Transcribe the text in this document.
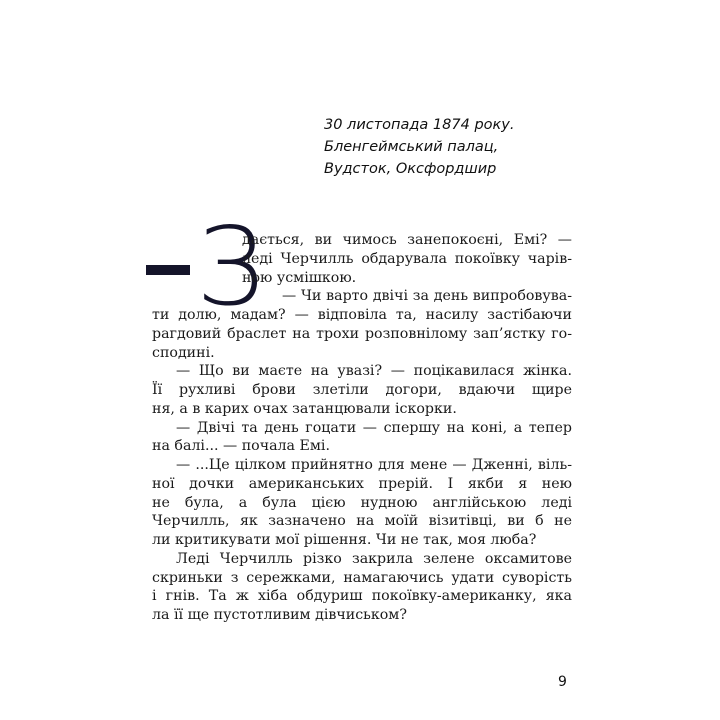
30 листопада 1874 року.
Бленгеймський палац,
Вудсток, Оксфордшир
З
дається, ви чимось занепокоєні, Емі? —
леді Черчилль обдарувала покоївку чарів-
ною усмішкою.
— Чи варто двічі за день випробовува-
ти долю, мадам? — відповіла та, насилу застібаючи
рагдовий браслет на трохи розповнілому зап’ястку го-
сподині.
— Що ви маєте на увазі? — поцікавилася жінка.
Її рухливі брови злетіли догори, вдаючи щире
ня, а в карих очах затанцювали іскорки.
— Двічі та день гоцати — спершу на коні, а тепер
на балі... — почала Емі.
— ...Це цілком прийнятно для мене — Дженні, віль-
ної дочки американських прерій. І якби я нею
не була, а була цією нудною англійською леді
Черчилль, як зазначено на моїй візитівці, ви б не
ли критикувати мої рішення. Чи не так, моя люба?
Леді Черчилль різко закрила зелене оксамитове
скриньки з сережками, намагаючись удати суворість
і гнів. Та ж хіба обдуриш покоївку-американку, яка
ла її ще пустотливим дівчиськом?
9
